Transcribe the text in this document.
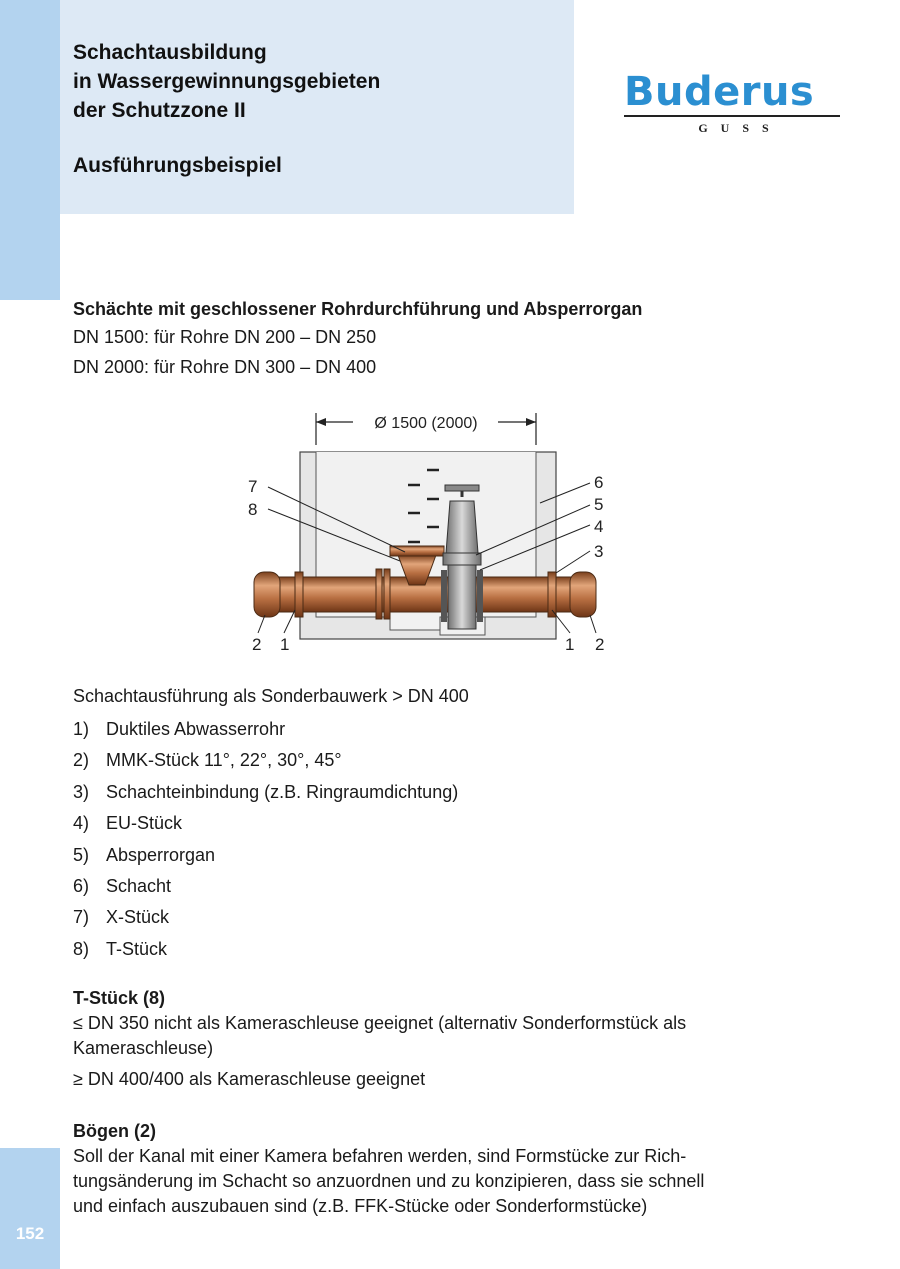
152
Schachtausbildung
in Wassergewinnungsgebieten
der Schutzzone II
Ausführungsbeispiel
Buderus
GUSS
Schächte mit geschlossener Rohrdurchführung und Absperrorgan
DN 1500: für Rohre DN 200 – DN 250
DN 2000: für Rohre DN 300 – DN 400
Ø 1500 (2000)
7
8
6
5
4
3
2 1	1 2
Schachtausführung als Sonderbauwerk > DN 400
1) Duktiles Abwasserrohr
2) MMK-Stück 11°, 22°, 30°, 45°
3) Schachteinbindung (z.B. Ringraumdichtung)
4) EU-Stück
5) Absperrorgan
6) Schacht
7) X-Stück
8) T-Stück
T-Stück (8)

≤ DN 350 nicht als Kameraschleuse geeignet (alternativ Sonderformstück als Kameraschleuse)

≥ DN 400/400 als Kameraschleuse geeignet

Bögen (2)

Soll der Kanal mit einer Kamera befahren werden, sind Formstücke zur Rich-

tungsänderung im Schacht so anzuordnen und zu konzipieren, dass sie schnell

und einfach auszubauen sind (z.B. FFK-Stücke oder Sonderformstücke)
